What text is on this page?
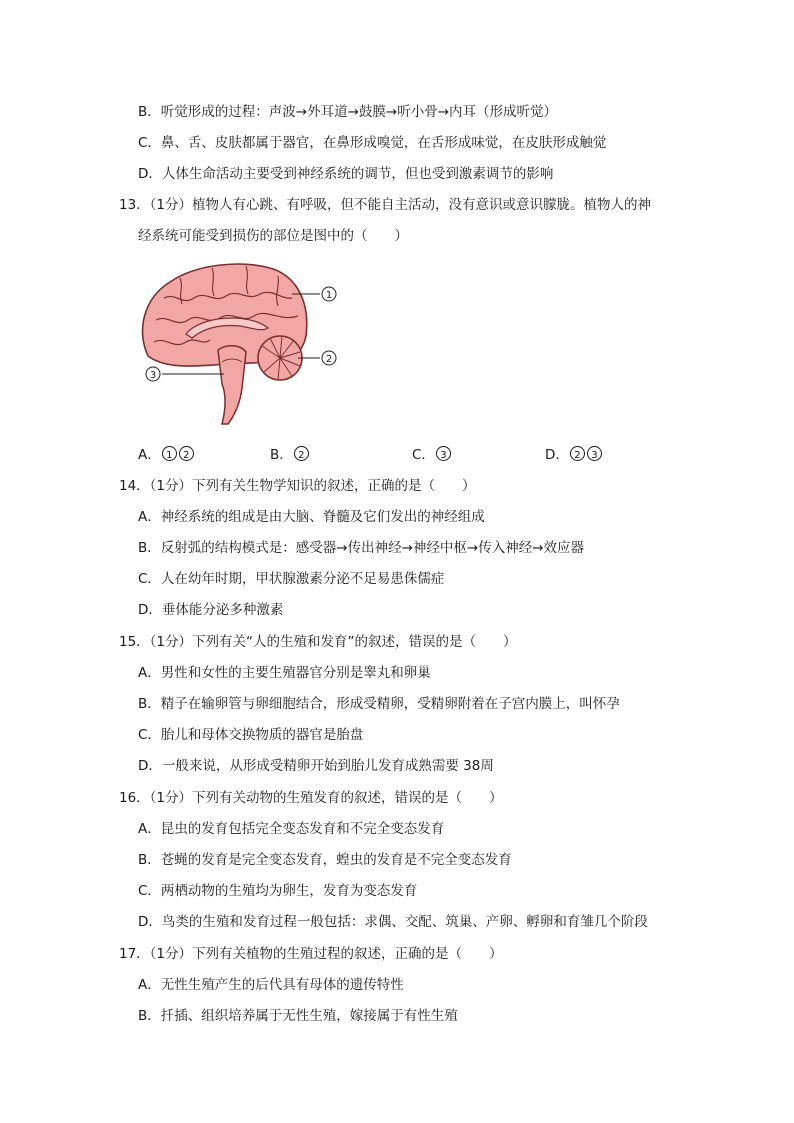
B．听觉形成的过程：声波→外耳道→鼓膜→听小骨→内耳（形成听觉）
C．鼻、舌、皮肤都属于器官，在鼻形成嗅觉，在舌形成味觉，在皮肤形成触觉
D．人体生命活动主要受到神经系统的调节，但也受到激素调节的影响
13．（1分）植物人有心跳、有呼吸，但不能自主活动，没有意识或意识朦胧。植物人的神
经系统可能受到损伤的部位是图中的（　　）
1
2
3
A． 1 2	B． 2	C． 3	D． 2 3
14．（1分）下列有关生物学知识的叙述，正确的是（　　）
A．神经系统的组成是由大脑、脊髓及它们发出的神经组成
B．反射弧的结构模式是：感受器→传出神经→神经中枢→传入神经→效应器
C．人在幼年时期，甲状腺激素分泌不足易患侏儒症
D．垂体能分泌多种激素
15．（1分）下列有关“人的生殖和发育”的叙述，错误的是（　　）
A．男性和女性的主要生殖器官分别是睾丸和卵巢
B．精子在输卵管与卵细胞结合，形成受精卵，受精卵附着在子宫内膜上，叫怀孕
C．胎儿和母体交换物质的器官是胎盘
D．一般来说，从形成受精卵开始到胎儿发育成熟需要 38周
16．（1分）下列有关动物的生殖发育的叙述，错误的是（　　）
A．昆虫的发育包括完全变态发育和不完全变态发育
B．苍蝇的发育是完全变态发育，蝗虫的发育是不完全变态发育
C．两栖动物的生殖均为卵生，发育为变态发育
D．鸟类的生殖和发育过程一般包括：求偶、交配、筑巢、产卵、孵卵和育雏几个阶段
17．（1分）下列有关植物的生殖过程的叙述，正确的是（　　）
A．无性生殖产生的后代具有母体的遗传特性
B．扦插、组织培养属于无性生殖，嫁接属于有性生殖
